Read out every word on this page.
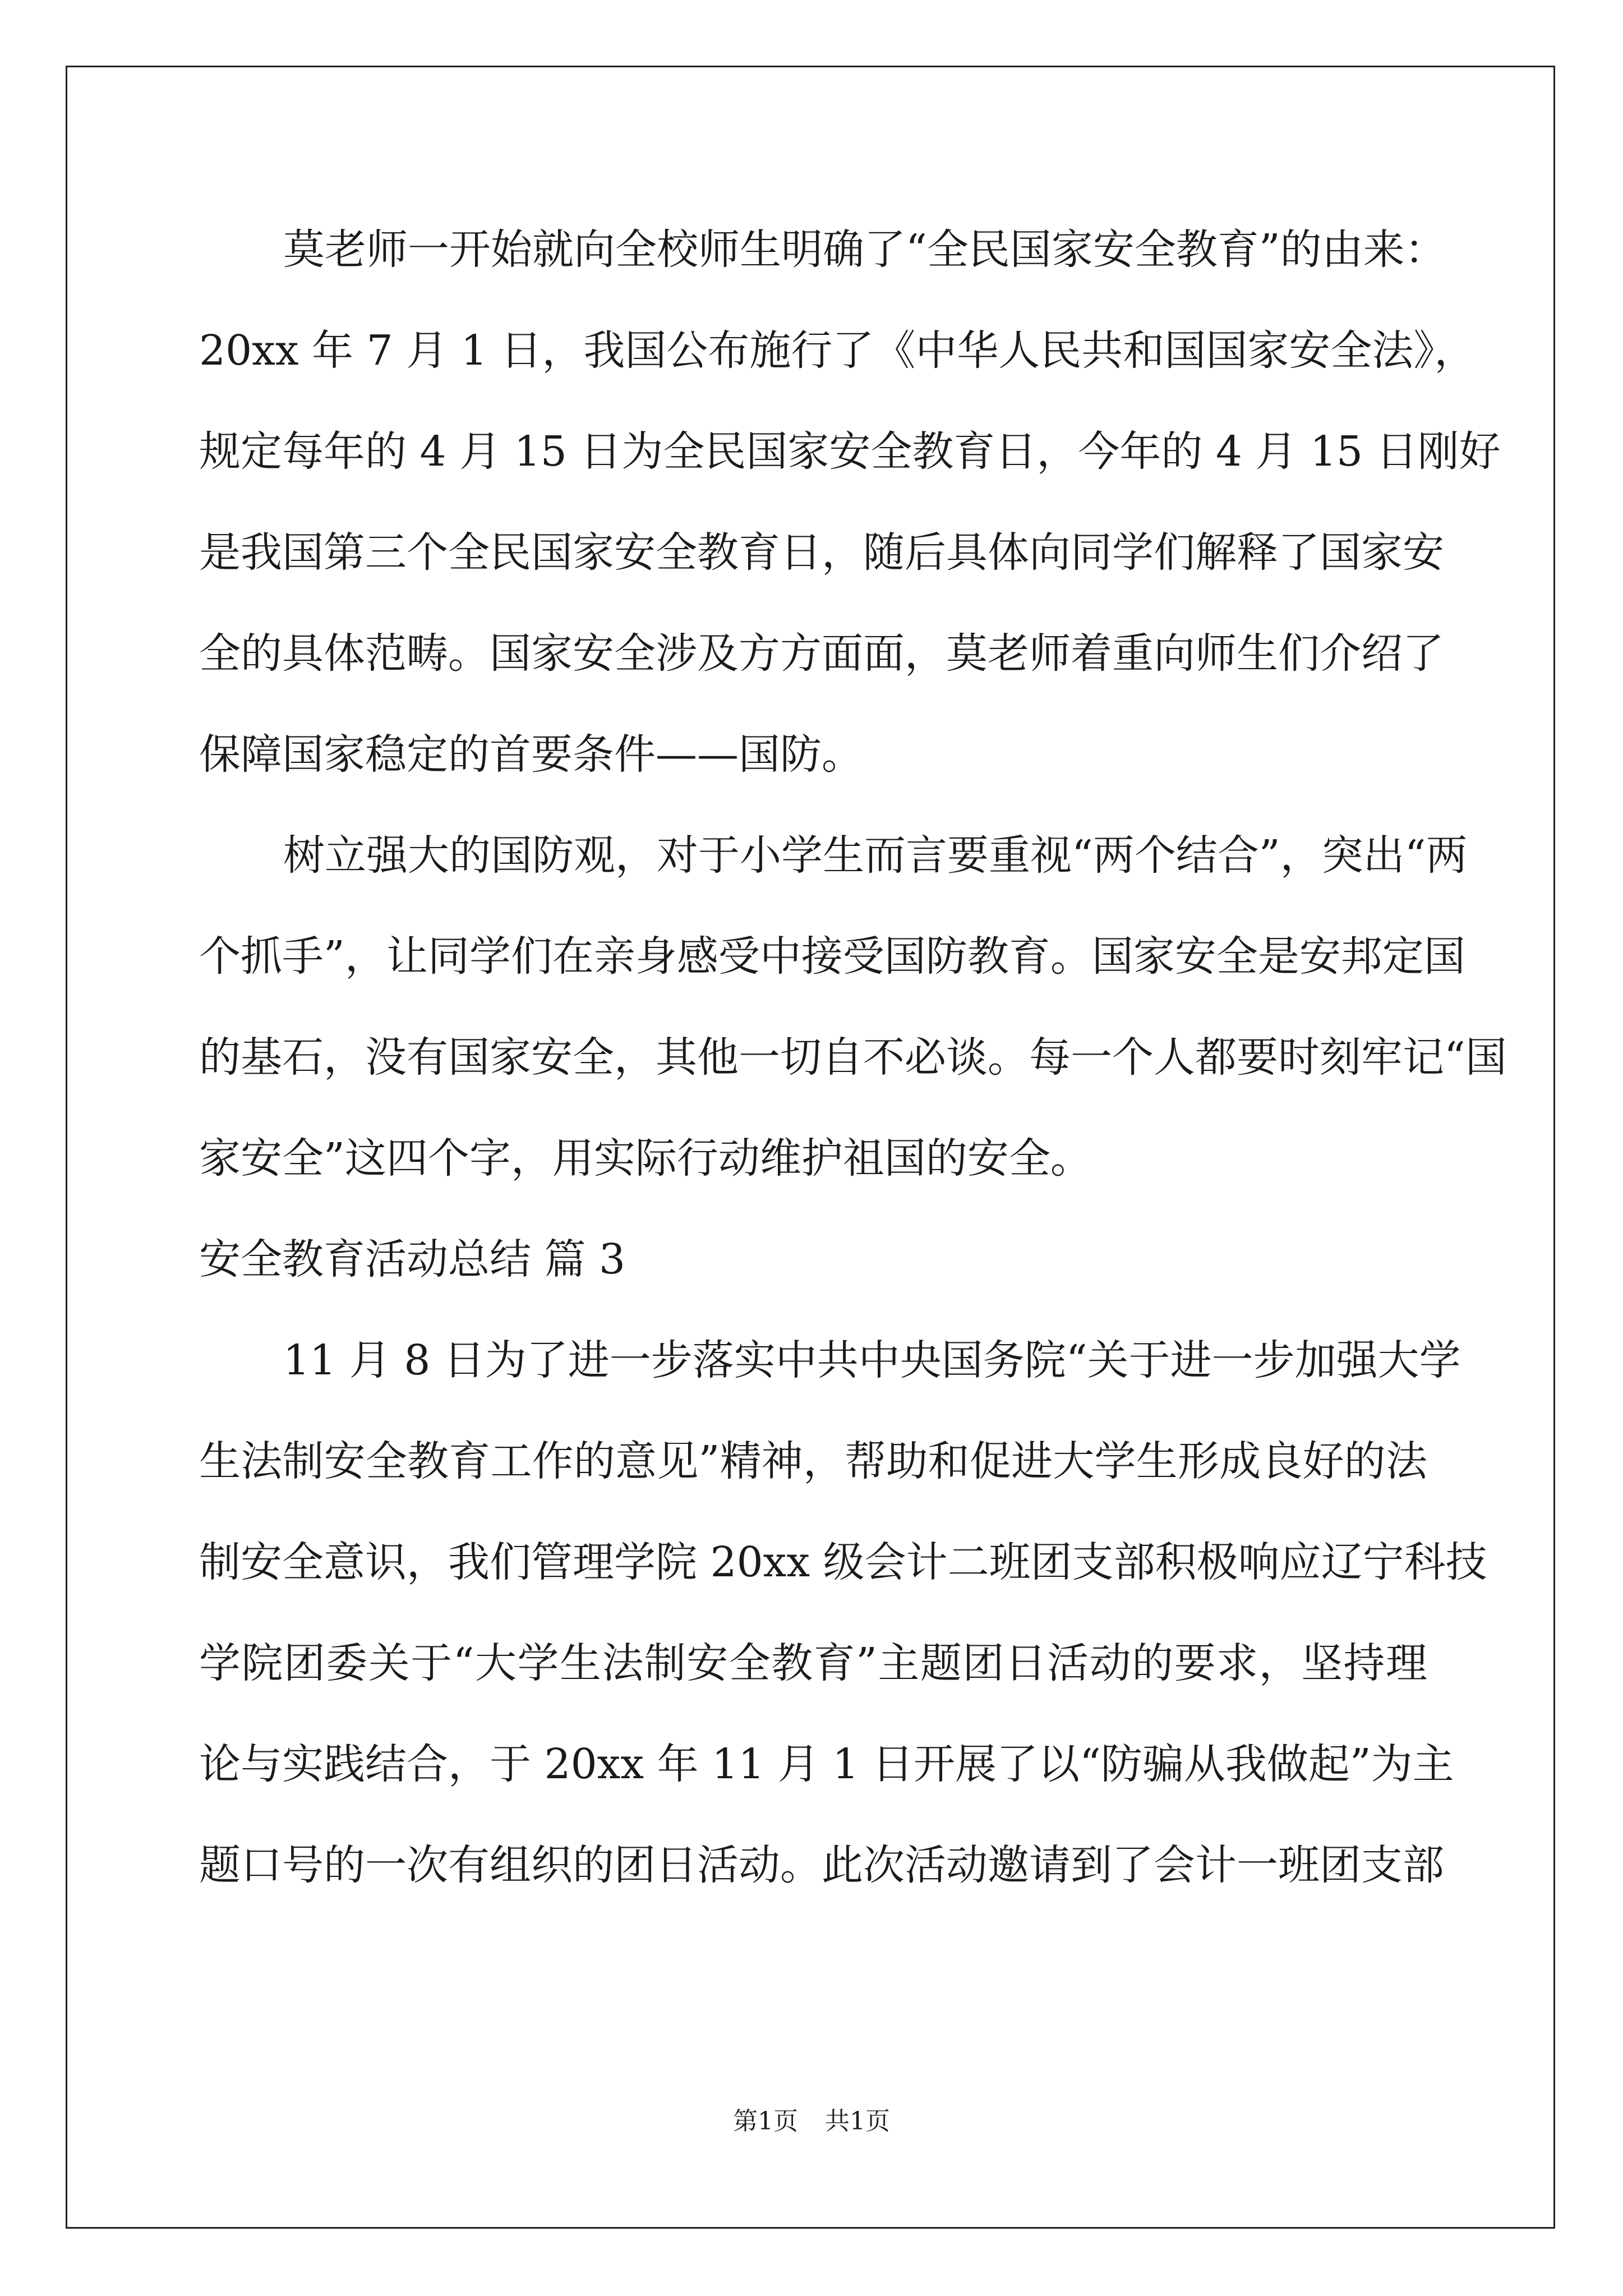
莫老师一开始就向全校师生明确了“全民国家安全教育”的由来：
20xx 年 7 月 1 日，我国公布施行了《中华人民共和国国家安全法》，
规定每年的 4 月 15 日为全民国家安全教育日，今年的 4 月 15 日刚好
是我国第三个全民国家安全教育日，随后具体向同学们解释了国家安
全的具体范畴。国家安全涉及方方面面，莫老师着重向师生们介绍了
保障国家稳定的首要条件——国防。
树立强大的国防观，对于小学生而言要重视“两个结合”，突出“两
个抓手”，让同学们在亲身感受中接受国防教育。国家安全是安邦定国
的基石，没有国家安全，其他一切自不必谈。每一个人都要时刻牢记“国
家安全”这四个字，用实际行动维护祖国的安全。
安全教育活动总结 篇 3
11 月 8 日为了进一步落实中共中央国务院“关于进一步加强大学
生法制安全教育工作的意见”精神，帮助和促进大学生形成良好的法
制安全意识，我们管理学院 20xx 级会计二班团支部积极响应辽宁科技
学院团委关于“大学生法制安全教育”主题团日活动的要求，坚持理
论与实践结合，于 20xx 年 11 月 1 日开展了以“防骗从我做起”为主
题口号的一次有组织的团日活动。此次活动邀请到了会计一班团支部
第1页 共1页
